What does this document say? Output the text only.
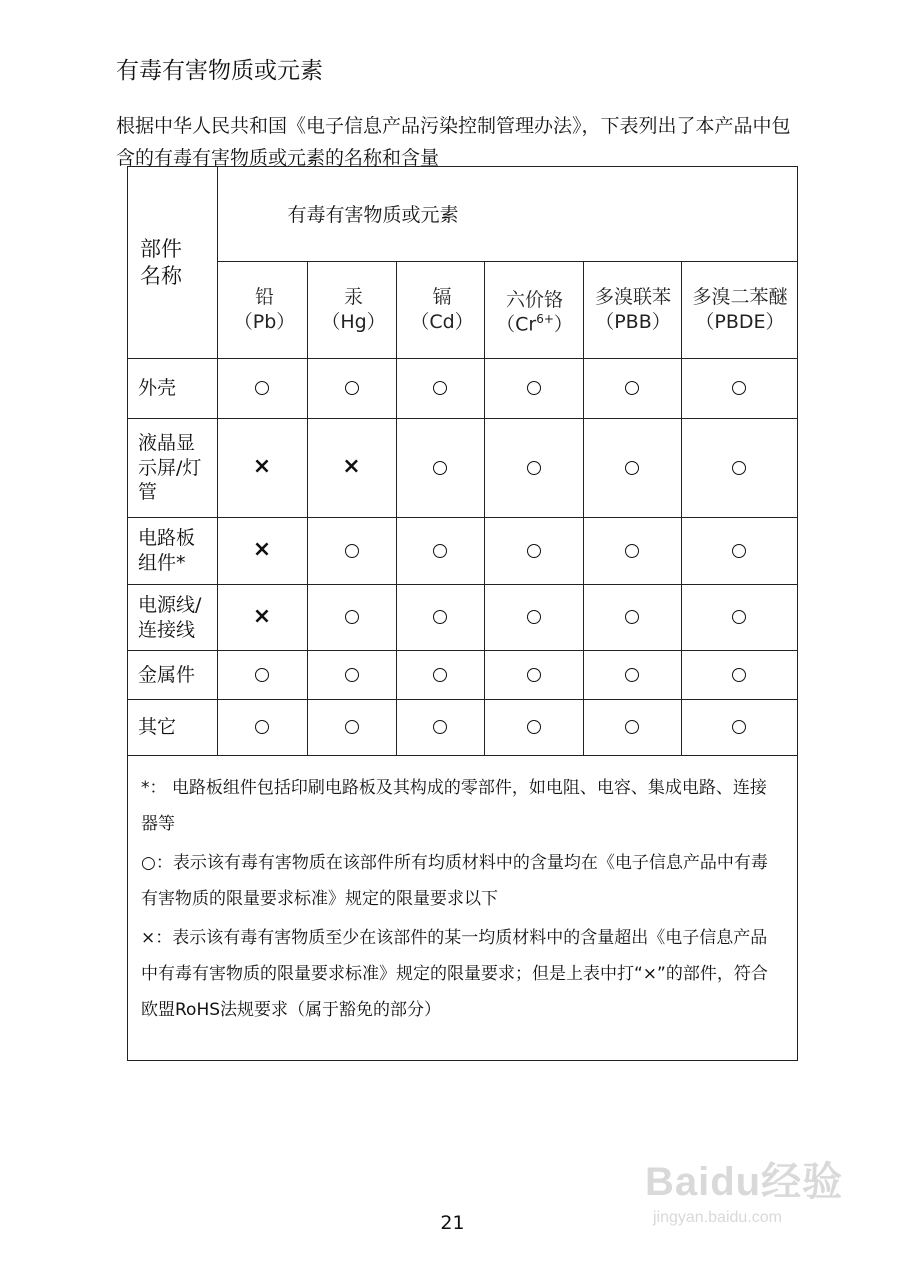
有毒有害物质或元素
根据中华人民共和国《电子信息产品污染控制管理办法》，下表列出了本产品中包含的有毒有害物质或元素的名称和含量
部件名称
有毒有害物质或元素
铅
（Pb）
汞
（Hg）
镉
（Cd）
六价铬
$(Cr^{6+})$
多溴联苯
（PBB）
多溴二苯醚
（PBDE）
外壳
液晶显示屏/灯管
电路板组件*
电源线/连接线
金属件
其它
×	×
×
×
*： 电路板组件包括印刷电路板及其构成的零部件，如电阻、电容、集成电路、连接器等
○：表示该有毒有害物质在该部件所有均质材料中的含量均在《电子信息产品中有毒有害物质的限量要求标准》规定的限量要求以下
×：表示该有毒有害物质至少在该部件的某一均质材料中的含量超出《电子信息产品中有毒有害物质的限量要求标准》规定的限量要求；但是上表中打“×”的部件，符合欧盟RoHS法规要求（属于豁免的部分）
21
Baidu经验
jingyan.baidu.com
